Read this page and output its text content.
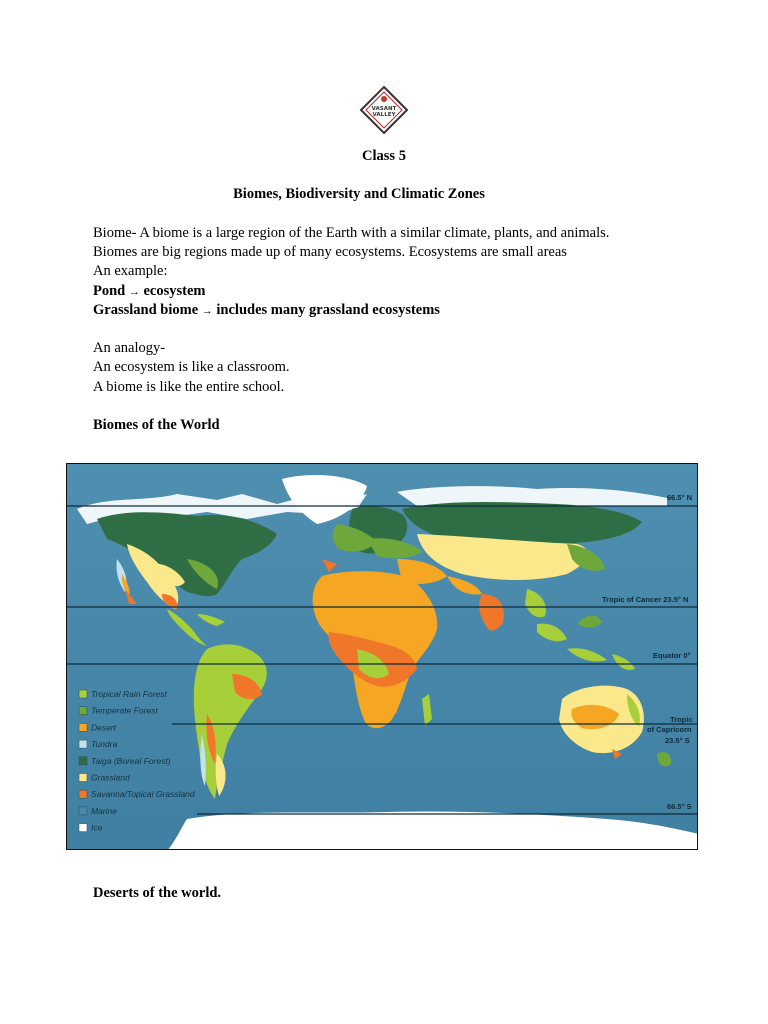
VASANT
VALLEY
Class 5
Biomes, Biodiversity and Climatic Zones
Biome- A biome is a large region of the Earth with a similar climate, plants, and animals.
Biomes are big regions made up of many ecosystems. Ecosystems are small areas
An example:
Pond → ecosystem
Grassland biome → includes many grassland ecosystems
An analogy-
An ecosystem is like a classroom.
A biome is like the entire school.
Biomes of the World
66.5° N
Tropic of Cancer 23.5° N
Equator 0°
Tropic
of Capricorn
23.5° S
66.5° S
Tropical Rain Forest
Temperate Forest
Desert
Tundra
Taiga (Boreal Forest)
Grassland
Savanna/Topical Grassland
Marine
Ice
Deserts of the world.
